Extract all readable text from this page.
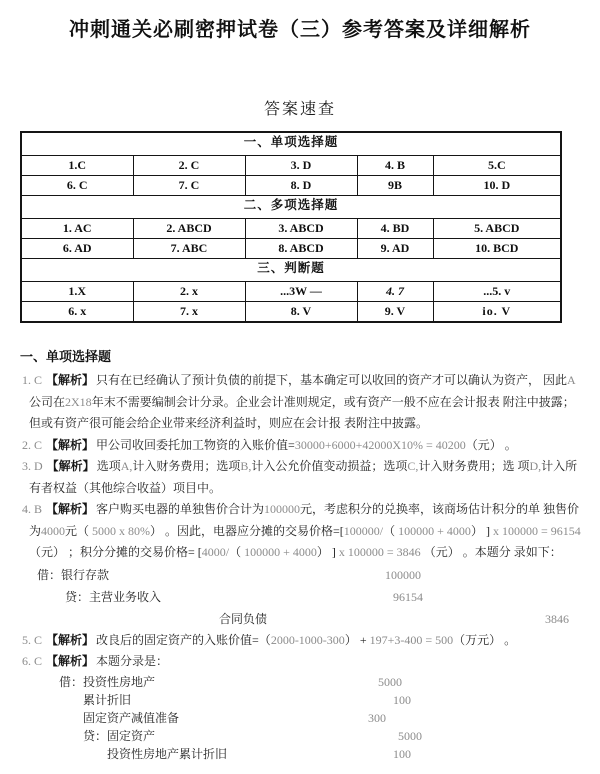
冲刺通关必刷密押试卷（三）参考答案及详细解析
答案速查
一、单项选择题				
1.C	2. C	3. D	4. B	5.C
6. C	7. C	8. D	9B	10. D
二、多项选择题				
1. AC	2. ABCD	3. ABCD	4. BD	5. ABCD
6. AD	7. ABC	8. ABCD	9. AD	10. BCD
三、判断题				
1.X	2. x	...3W —	4. 7	...5. v
6. x	7. x	8. V	9. V	io. V
一、单项选择题

1. C 【解析】 只有在已经确认了预计负债的前提下，基本确定可以收回的资产才可以确认为资产， 因此A公司在2X18年末不需要编制会计分录。企业会计准则规定，或有资产一般不应在会计报表 附注中披露；但或有资产很可能会给企业带来经济利益时，则应在会计报 表附注中披露。

2. C 【解析】 甲公司收回委托加工物资的入账价值=30000+6000+42000X10% = 40200（元） 。

3. D 【解析】 选项A,计入财务费用；选项B,计入公允价值变动损益；选项C,计入财务费用；选 项D,计入所有者权益（其他综合收益）项目中。

4. B 【解析】 客户购买电器的单独售价合计为100000元，考虑积分的兑换率，该商场估计积分的单 独售价为4000元（ 5000 x 80%） 。因此，电器应分摊的交易价格=[100000/（ 100000 + 4000） ] x 100000 = 96154（元） ；积分分摊的交易价格= [4000/（ 100000 + 4000） ] x 100000 = 3846 （元） 。本题分 录如下：

借：银行存款	100000
贷：主营业务收入	96154
合同负债	3846

5. C 【解析】 改良后的固定资产的入账价值=（2000-1000-300） + 197+3-400 = 500（万元） 。

6. C 【解析】 本题分录是：

借：投资性房地产	5000
累计折旧	100
固定资产减值准备	300
贷：固定资产	5000
投资性房地产累计折旧	100
